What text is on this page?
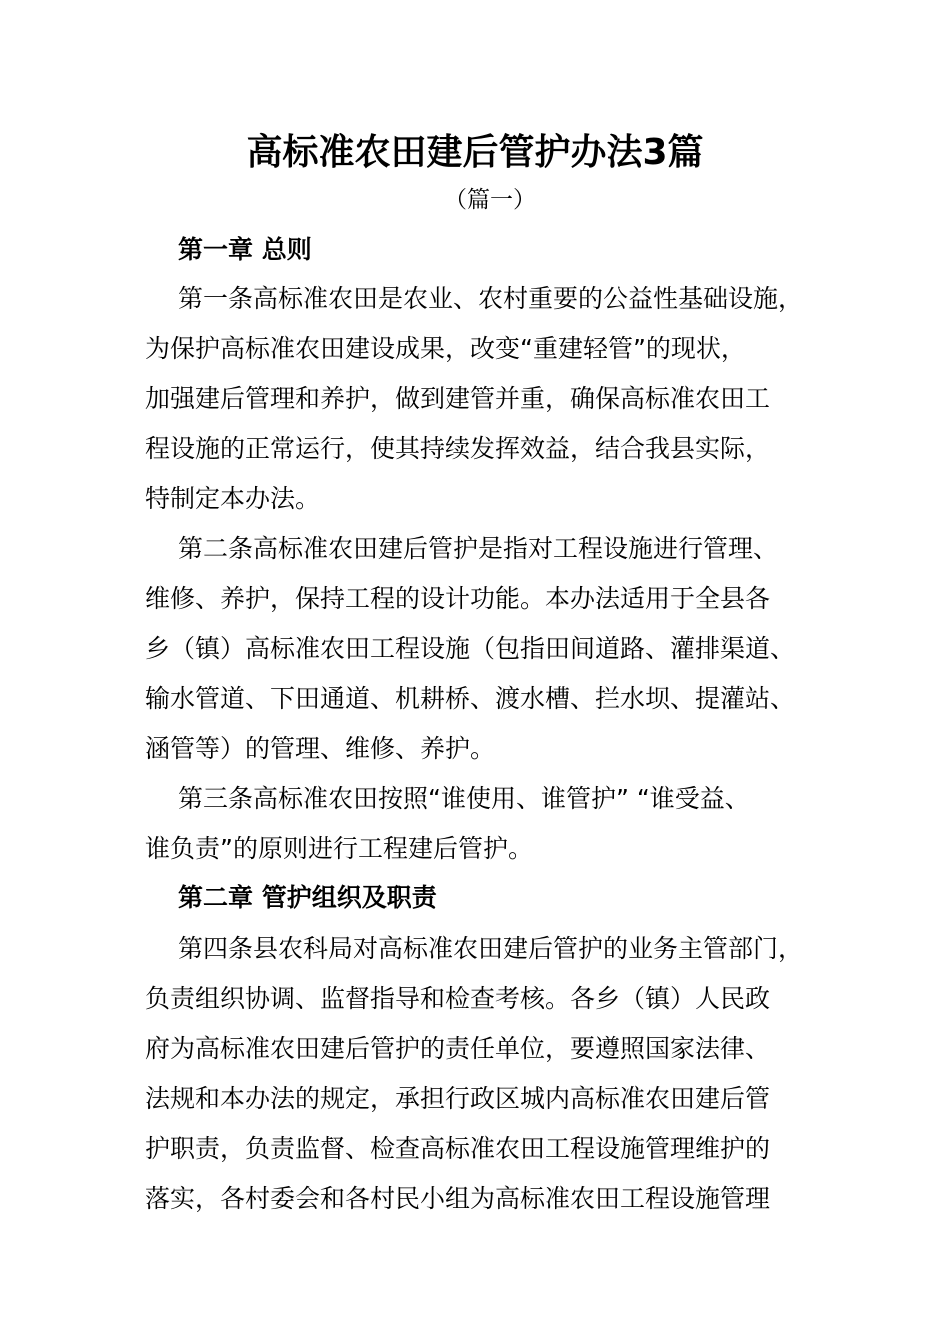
高标准农田建后管护办法3篇
（篇一）
第一章 总则
第一条高标准农田是农业、农村重要的公益性基础设施，
为保护高标准农田建设成果，改变“重建轻管”的现状，
加强建后管理和养护，做到建管并重，确保高标准农田工
程设施的正常运行，使其持续发挥效益，结合我县实际，
特制定本办法。
第二条高标准农田建后管护是指对工程设施进行管理、
维修、养护，保持工程的设计功能。本办法适用于全县各
乡（镇）高标准农田工程设施（包指田间道路、灌排渠道、
输水管道、下田通道、机耕桥、渡水槽、拦水坝、提灌站、
涵管等）的管理、维修、养护。
第三条高标准农田按照“谁使用、谁管护” “谁受益、
谁负责”的原则进行工程建后管护。
第二章 管护组织及职责
第四条县农科局对高标准农田建后管护的业务主管部门，
负责组织协调、监督指导和检查考核。各乡（镇）人民政
府为高标准农田建后管护的责任单位，要遵照国家法律、
法规和本办法的规定，承担行政区城内高标准农田建后管
护职责，负责监督、检查高标准农田工程设施管理维护的
落实，各村委会和各村民小组为高标准农田工程设施管理
